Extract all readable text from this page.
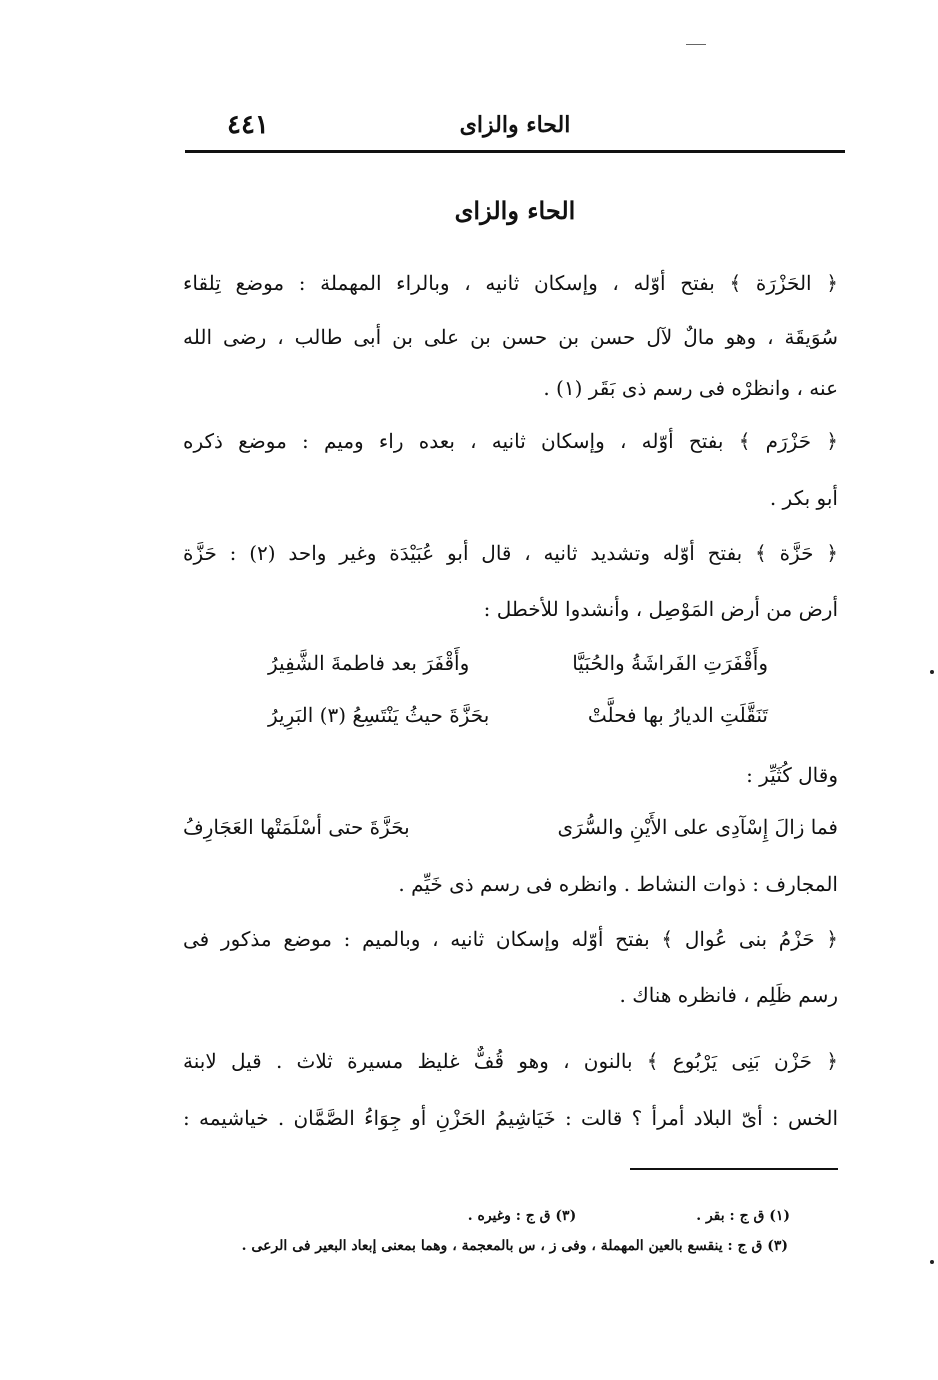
٤٤١	الحاء والزاى
الحاء والزاى
﴿ الحَزْرَة ﴾ بفتح أوّله ، وإسكان ثانيه ، وبالراء المهملة : موضع تِلقاء
سُوَيقَة ، وهو مالٌ لآل حسن بن حسن بن على بن أبى طالب ، رضى الله
عنه ، وانظرْه فى رسم ذى بَقَر (١) .
﴿ حَزْرَم ﴾ بفتح أوّله ، وإسكان ثانيه ، بعده راء وميم : موضع ذكره
أبو بكر .
﴿ حَزَّة ﴾ بفتح أوّله وتشديد ثانيه ، قال أبو عُبَيْدَة وغير واحد (٢) : حَزَّة
أرض من أرض المَوْصِل ، وأنشدوا للأخطل :
وأَقْفَرَتِ الفَراشَةُ والحُبَيَّا
وأَقْفَرَ بعد فاطمةَ الشَّفِيرُ
تَنَقَّلَتِ الديارُ بها فحلَّتْ
بحَزَّةَ حيثُ يَنْتَسِعُ (٣) البَرِيرُ
وقال كُثَيِّر :
فما زالَ إِسْآدِى على الأَيْنِ والسُّرَى
بحَزَّةَ حتى أسْلَمَتْها العَجَارِفُ
المجارف : ذوات النشاط . وانظره فى رسم ذى خَيِّم .
﴿ حَزْمُ بنى عُوال ﴾ بفتح أوّله وإسكان ثانيه ، وبالميم : موضع مذكور فى
رسم ظَلِم ، فانظره هناك .
﴿ حَزْن بَنِى يَرْبُوع ﴾ بالنون ، وهو قُفٌّ غليظ مسيرة ثلاث . قيل لابنة
الخس : أىّ البلاد أمرأ ؟ قالت : خَيَاشِيمُ الحَزْنِ أو جِوَاءُ الصَّمَّان . خياشيمه :
(١) ق ج : بقر .
(٣) ق ج : وغيره .
(٣) ق ج : ينقسع بالعين المهملة ، وفى ز ، س بالمعجمة ، وهما بمعنى إبعاد البعير فى الرعى .
